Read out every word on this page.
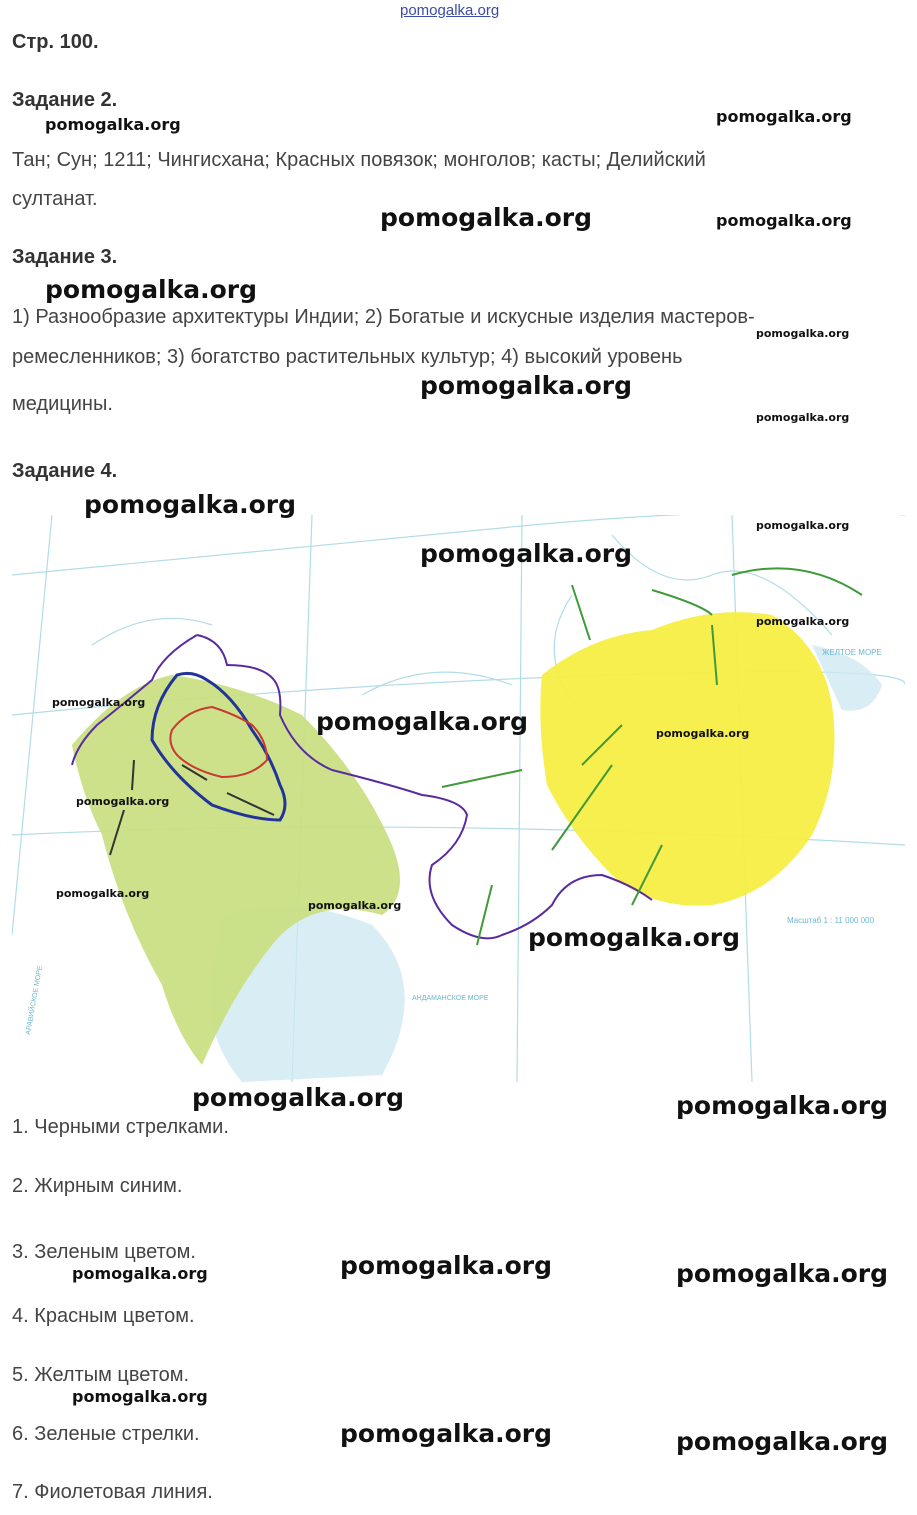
pomogalka.org
Стр. 100.
Задание 2.
Тан; Сун; 1211; Чингисхана; Красных повязок; монголов; касты; Делийский
султанат.
Задание 3.
1) Разнообразие архитектуры Индии; 2) Богатые и искусные изделия мастеров-
ремесленников; 3) богатство растительных культур; 4) высокий уровень
медицины.
Задание 4.
ЖЕЛТОЕ МОРЕ
АНДАМАНСКОЕ МОРЕ
АРАВИЙСКОЕ МОРЕ
Масштаб 1 : 11 000 000
1. Черными стрелками.
2. Жирным синим.
3. Зеленым цветом.
4. Красным цветом.
5. Желтым цветом.
6. Зеленые стрелки.
7. Фиолетовая линия.
pomogalka.org	pomogalka.org
pomogalka.org	pomogalka.org
pomogalka.org
pomogalka.org
pomogalka.org
pomogalka.org
pomogalka.org
pomogalka.org
pomogalka.org
pomogalka.org
pomogalka.org
pomogalka.org	pomogalka.org
pomogalka.org
pomogalka.org
pomogalka.org
pomogalka.org
pomogalka.org	pomogalka.org
pomogalka.org	pomogalka.org	pomogalka.org
pomogalka.org
pomogalka.org	pomogalka.org
